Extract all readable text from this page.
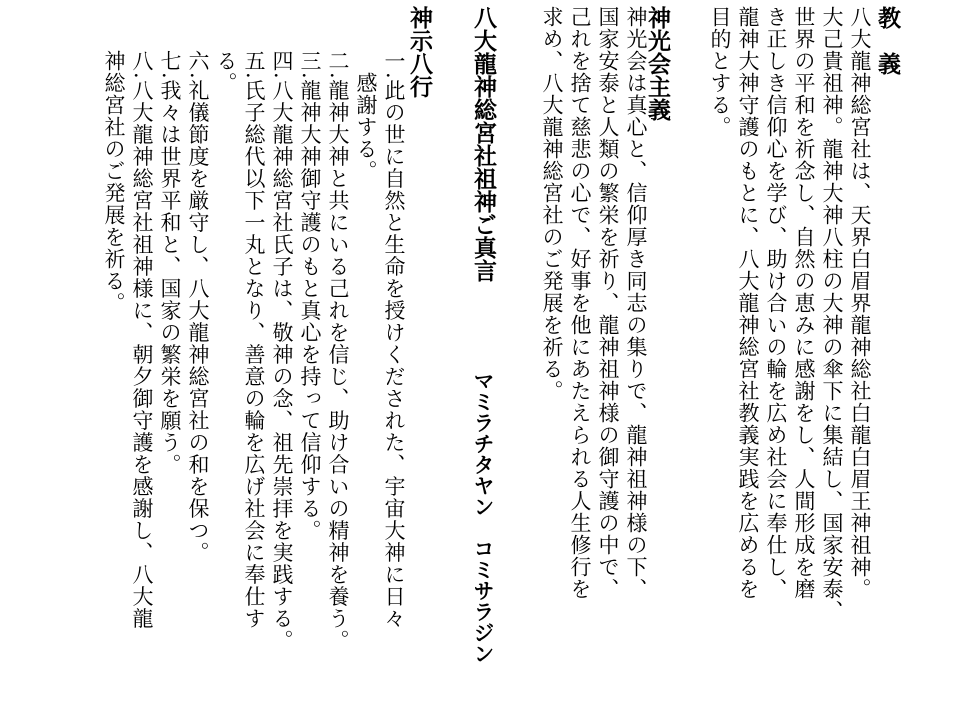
教　義
八大龍神総宮社は、天界白眉界龍神総社白龍白眉王神祖神。
大己貴祖神。龍神大神八柱の大神の傘下に集結し、国家安泰、
世界の平和を祈念し、自然の恵みに感謝をし、人間形成を磨
き正しき信仰心を学び、助け合いの輪を広め社会に奉仕し、
龍神大神守護のもとに、八大龍神総宮社教義実践を広めるを
目的とする。
神光会主義
神光会は真心と、信仰厚き同志の集りで、龍神祖神様の下、
国家安泰と人類の繁栄を祈り、龍神祖神様の御守護の中で、
己れを捨て慈悲の心で、好事を他にあたえられる人生修行を
求め、八大龍神総宮社のご発展を祈る。
八大龍神総宮社祖神ご真言
マミラチタヤン　コミサラジン
神示八行
一.此の世に自然と生命を授けくだされた、宇宙大神に日々
感謝する。
二.龍神大神と共にいる己れを信じ、助け合いの精神を養う。
三.龍神大神御守護のもと真心を持って信仰する。
四.八大龍神総宮社氏子は、敬神の念、祖先崇拝を実践する。
五.氏子総代以下一丸となり、善意の輪を広げ社会に奉仕す
る。
六.礼儀節度を厳守し、八大龍神総宮社の和を保つ。
七.我々は世界平和と、国家の繁栄を願う。
八.八大龍神総宮社祖神様に、朝夕御守護を感謝し、八大龍
神総宮社のご発展を祈る。
